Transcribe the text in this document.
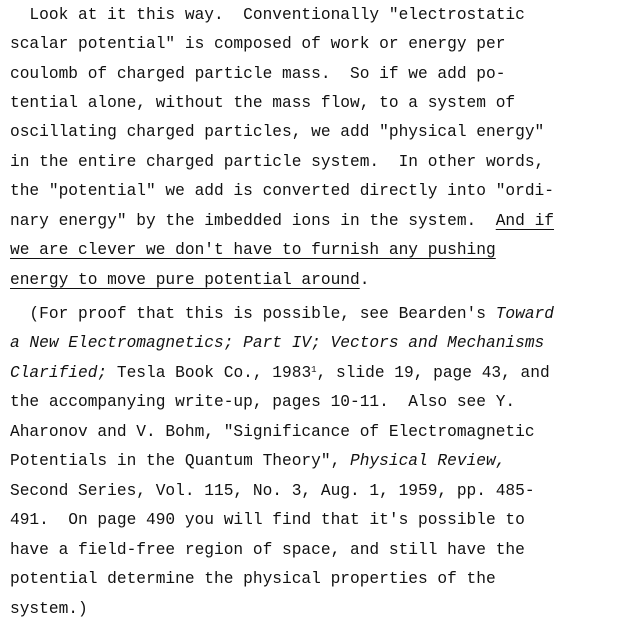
Look at it this way.  Conventionally "electrostatic
scalar potential" is composed of work or energy per
coulomb of charged particle mass.  So if we add po-
tential alone, without the mass flow, to a system of
oscillating charged particles, we add "physical energy"
in the entire charged particle system.  In other words,
the "potential" we add is converted directly into "ordi-
nary energy" by the imbedded ions in the system.  And if
we are clever we don't have to furnish any pushing
energy to move pure potential around.
(For proof that this is possible, see Bearden's Toward
a New Electromagnetics; Part IV; Vectors and Mechanisms
Clarified; Tesla Book Co., 1983$^1$, slide 19, page 43, and
the accompanying write-up, pages 10-11.  Also see Y.
Aharonov and V. Bohm, "Significance of Electromagnetic
Potentials in the Quantum Theory", Physical Review,
Second Series, Vol. 115, No. 3, Aug. 1, 1959, pp. 485-
491.  On page 490 you will find that it's possible to
have a field-free region of space, and still have the
potential determine the physical properties of the
system.)
